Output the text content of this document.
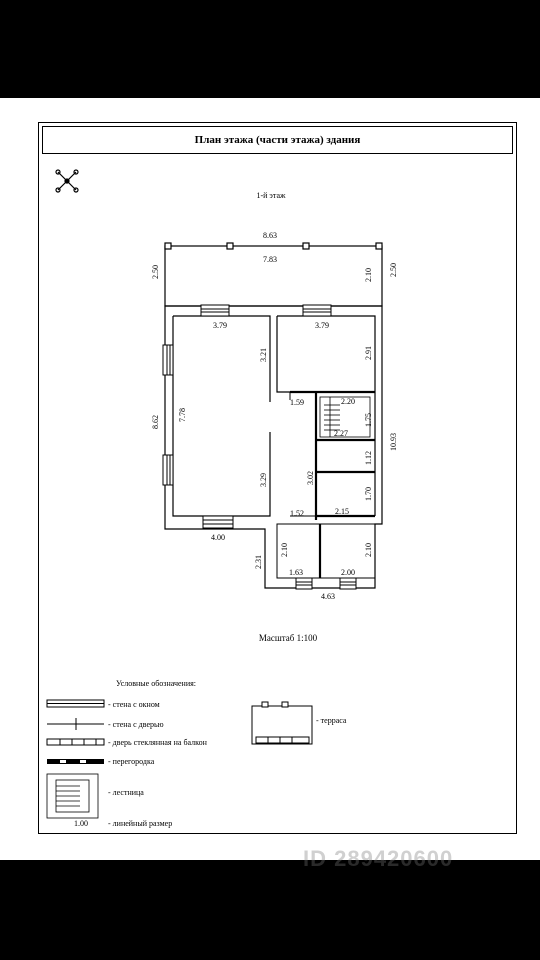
План этажа (части этажа) здания
1-й этаж
8.63
7.83
2.50	2.10 2.50
3.79	3.79
7.78
3.21
3.29
2.91
8.62
1.59	2.20
1.75
2.27
1.12
3.02
1.70
2.15
10.93
4.00
1.52
2.10	2.10
1.63	2.00
2.31
4.63
Масштаб 1:100
Условные обозначения:
- стена с окном
- стена с дверью
- дверь стеклянная на балкон
- перегородка
- лестница
- терраса
1.00	- линейный размер
ID 289420600
